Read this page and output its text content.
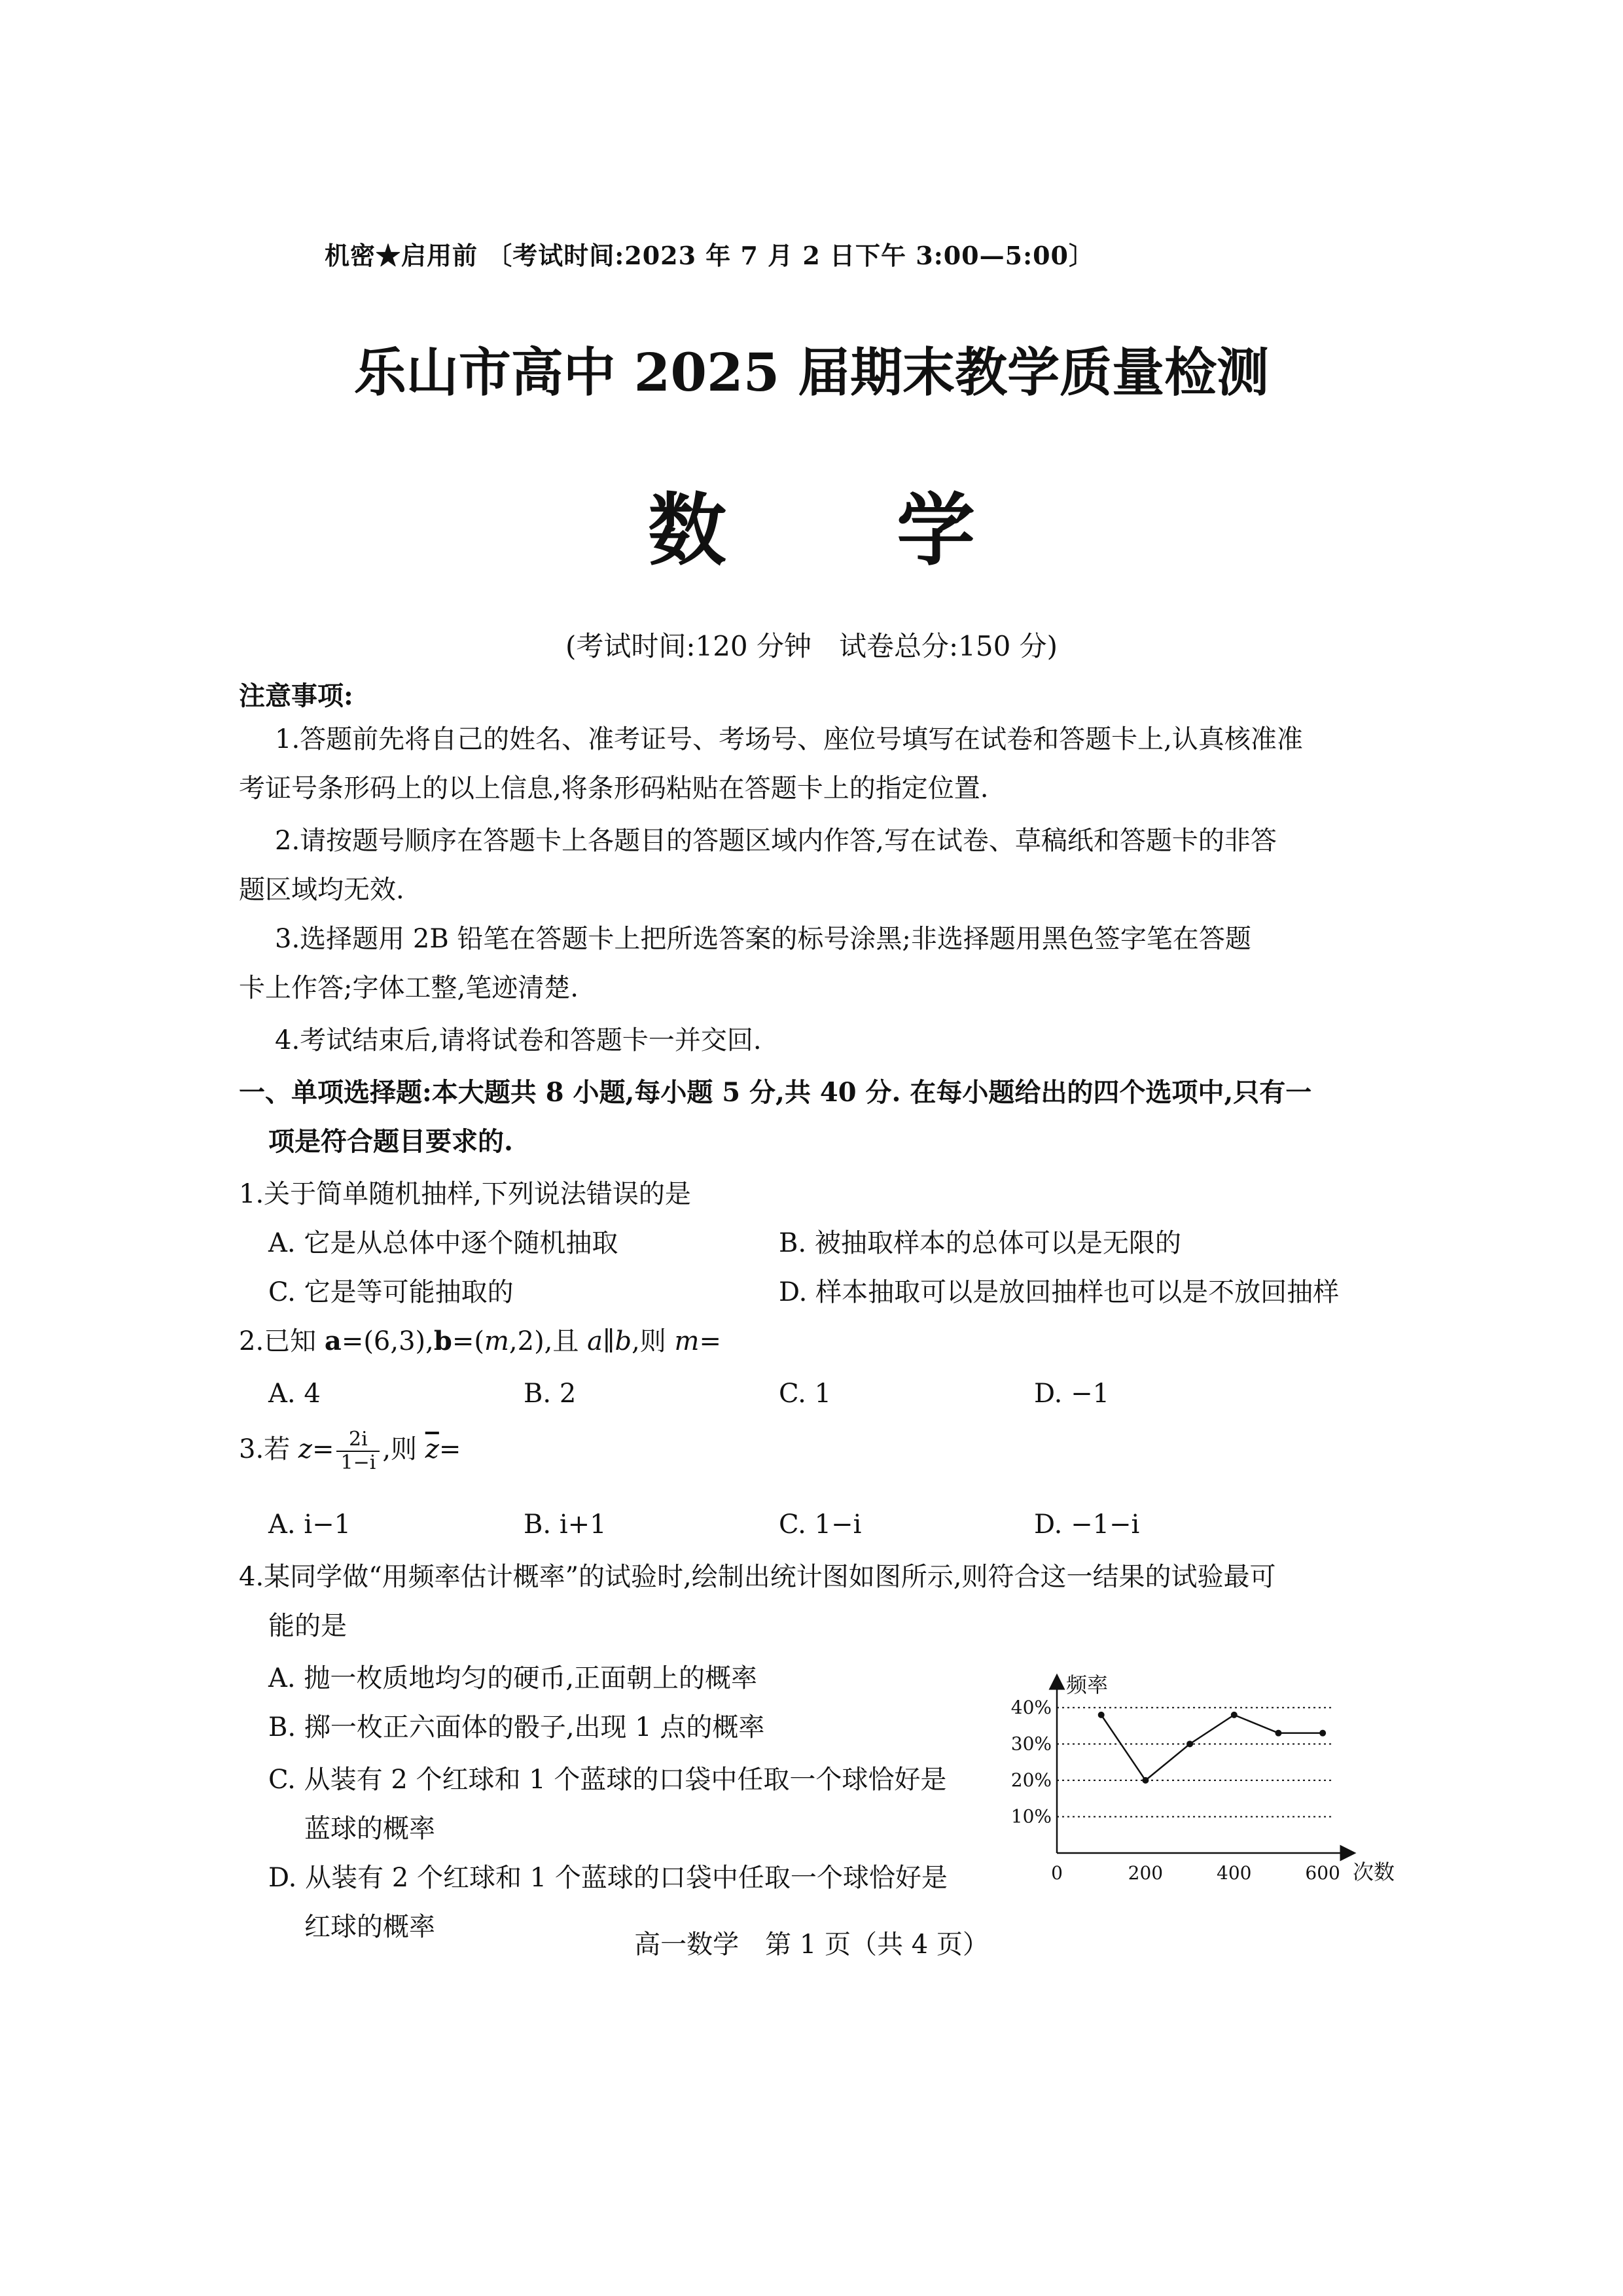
机密★启用前 〔考试时间:2023 年 7 月 2 日下午 3:00—5:00〕
乐山市高中 2025 届期末教学质量检测
数学
(考试时间:120 分钟　试卷总分:150 分)
注意事项:
1.答题前先将自己的姓名、准考证号、考场号、座位号填写在试卷和答题卡上,认真核准准
考证号条形码上的以上信息,将条形码粘贴在答题卡上的指定位置.
2.请按题号顺序在答题卡上各题目的答题区域内作答,写在试卷、草稿纸和答题卡的非答
题区域均无效.
3.选择题用 2B 铅笔在答题卡上把所选答案的标号涂黑;非选择题用黑色签字笔在答题
卡上作答;字体工整,笔迹清楚.
4.考试结束后,请将试卷和答题卡一并交回.
一、单项选择题:本大题共 8 小题,每小题 5 分,共 40 分. 在每小题给出的四个选项中,只有一
项是符合题目要求的.
1.关于简单随机抽样,下列说法错误的是
A. 它是从总体中逐个随机抽取	B. 被抽取样本的总体可以是无限的
C. 它是等可能抽取的	D. 样本抽取可以是放回抽样也可以是不放回抽样
2.已知 a=(6,3),b=(m,2),且 a∥b,则 m=
A. 4	B. 2	C. 1	D. −1
3.若 $z= \frac{2i}{1-i}$ ,则 $\overline{z}=$
A. i−1	B. i+1	C. 1−i	D. −1−i
4.某同学做“用频率估计概率”的试验时,绘制出统计图如图所示,则符合这一结果的试验最可
能的是
A. 抛一枚质地均匀的硬币,正面朝上的概率
B. 掷一枚正六面体的骰子,出现 1 点的概率
C. 从装有 2 个红球和 1 个蓝球的口袋中任取一个球恰好是
蓝球的概率
D. 从装有 2 个红球和 1 个蓝球的口袋中任取一个球恰好是
红球的概率
10%
20%
30%
40%
频率
次数
0	200	400	600
高一数学　第 1 页（共 4 页）
